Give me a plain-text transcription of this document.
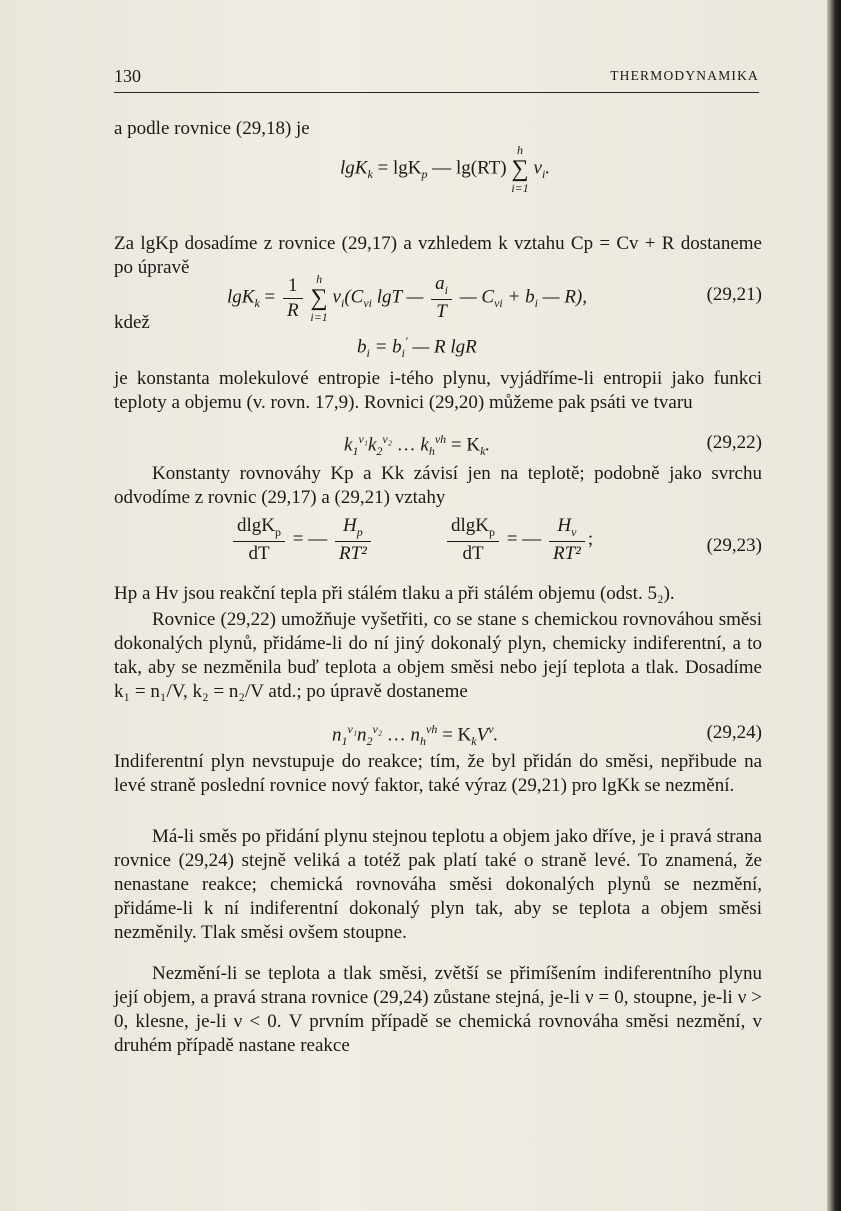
130	THERMODYNAMIKA
a podle rovnice (29,18) je
lgK$_k$ = lgK$_p$ — lg(RT) h
∑
i=1 $\nu_i$.
Za lgKp dosadíme z rovnice (29,17) a vzhledem k vztahu Cp = Cv + R dostaneme po úpravě
$\lg K_k = \frac{1}{R}$ h
∑
i=1 $\nu_i(C_{\nu i}$ lgT — $\frac{a_i}{T}$ — $C_{\nu i} + b_i$ — R),	(29,21)
kdež
$b_i = b_i'$ — R lgR
je konstanta molekulové entropie i-tého plynu, vyjádříme-li entropii jako funkci teploty a objemu (v. rovn. 17,9). Rovnici (29,20) můžeme pak psáti ve tvaru
$k_1^{\nu_1}k_2^{\nu_2}$ … $k_h^{\nu h} = K_k$.	(29,22)
Konstanty rovnováhy Kp a Kk závisí jen na teplotě; podobně jako svrchu odvodíme z rovnic (29,17) a (29,21) vztahy
$\frac{dlgK_p}{dT}$ = — $\frac{H_p}{\text{RT²}}$	$\frac{dlgK_p}{dT}$ = — $\frac{H_v}{\text{RT²}}$ ;	(29,23)
Hp a Hv jsou reakční tepla při stálém tlaku a při stálém objemu (odst. 5₂).
Rovnice (29,22) umožňuje vyšetřiti, co se stane s chemickou rovnováhou směsi dokonalých plynů, přidáme-li do ní jiný dokonalý plyn, chemicky indiferentní, a to tak, aby se nezměnila buď teplota a objem směsi nebo její teplota a tlak. Dosadíme k₁ = n₁/V, k₂ = n₂/V atd.; po úpravě dostaneme
$n_1^{\nu_1}n_2^{\nu_2}$ … $n_h^{\nu h} = K_kV^\nu$.	(29,24)
Indiferentní plyn nevstupuje do reakce; tím, že byl přidán do směsi, nepřibude na levé straně poslední rovnice nový faktor, také výraz (29,21) pro lgKk se nezmění.
Má-li směs po přidání plynu stejnou teplotu a objem jako dříve, je i pravá strana rovnice (29,24) stejně veliká a totéž pak platí také o straně levé. To znamená, že nenastane reakce; chemická rovnováha směsi dokonalých plynů se nezmění, přidáme-li k ní indiferentní dokonalý plyn tak, aby se teplota a objem směsi nezměnily. Tlak směsi ovšem stoupne.
Nezmění-li se teplota a tlak směsi, zvětší se přimíšením indiferentního plynu její objem, a pravá strana rovnice (29,24) zůstane stejná, je-li ν = 0, stoupne, je-li ν > 0, klesne, je-li ν < 0. V prvním případě se chemická rovnováha směsi nezmění, v druhém případě nastane reakce
